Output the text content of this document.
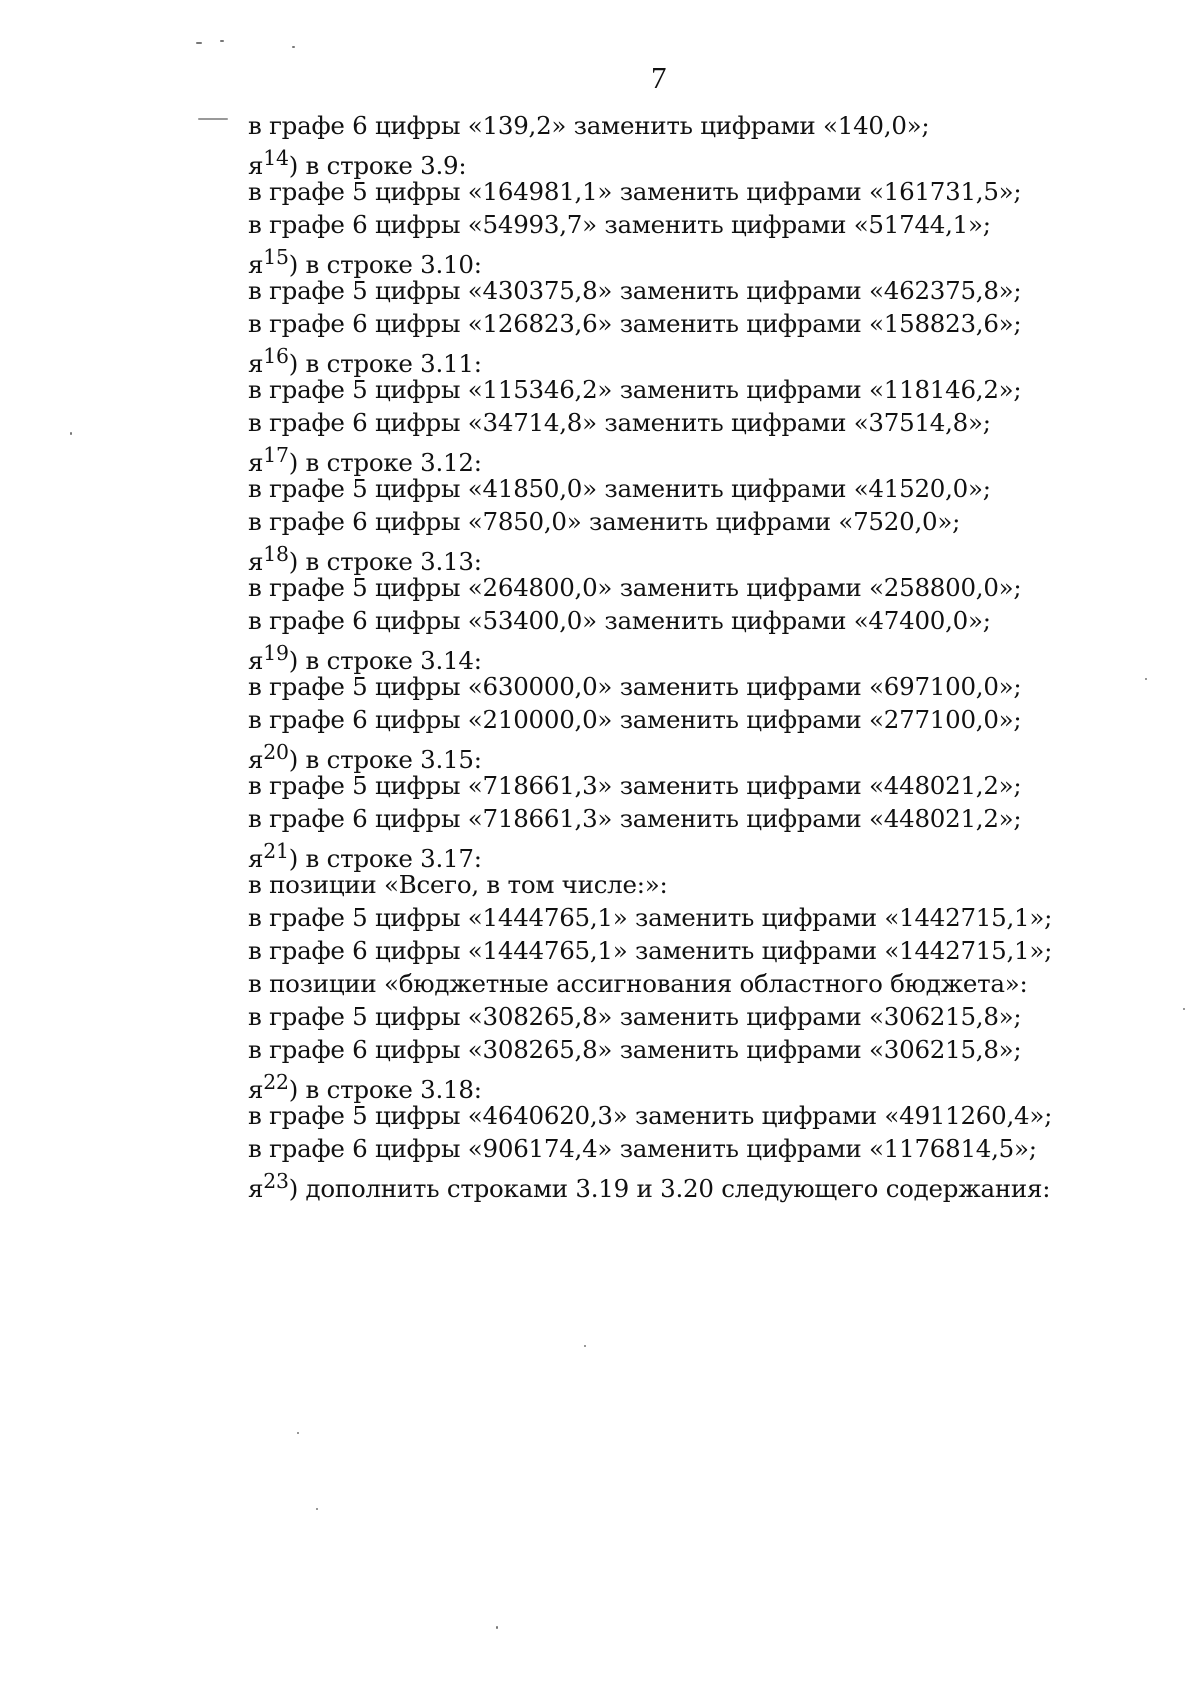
7
в графе 6 цифры «139,2» заменить цифрами «140,0»;
$я^{14}$) в строке 3.9:
в графе 5 цифры «164981,1» заменить цифрами «161731,5»;
в графе 6 цифры «54993,7» заменить цифрами «51744,1»;
$я^{15}$) в строке 3.10:
в графе 5 цифры «430375,8» заменить цифрами «462375,8»;
в графе 6 цифры «126823,6» заменить цифрами «158823,6»;
$я^{16}$) в строке 3.11:
в графе 5 цифры «115346,2» заменить цифрами «118146,2»;
в графе 6 цифры «34714,8» заменить цифрами «37514,8»;
$я^{17}$) в строке 3.12:
в графе 5 цифры «41850,0» заменить цифрами «41520,0»;
в графе 6 цифры «7850,0» заменить цифрами «7520,0»;
$я^{18}$) в строке 3.13:
в графе 5 цифры «264800,0» заменить цифрами «258800,0»;
в графе 6 цифры «53400,0» заменить цифрами «47400,0»;
$я^{19}$) в строке 3.14:
в графе 5 цифры «630000,0» заменить цифрами «697100,0»;
в графе 6 цифры «210000,0» заменить цифрами «277100,0»;
$я^{20}$) в строке 3.15:
в графе 5 цифры «718661,3» заменить цифрами «448021,2»;
в графе 6 цифры «718661,3» заменить цифрами «448021,2»;
$я^{21}$) в строке 3.17:
в позиции «Всего, в том числе:»:
в графе 5 цифры «1444765,1» заменить цифрами «1442715,1»;
в графе 6 цифры «1444765,1» заменить цифрами «1442715,1»;
в позиции «бюджетные ассигнования областного бюджета»:
в графе 5 цифры «308265,8» заменить цифрами «306215,8»;
в графе 6 цифры «308265,8» заменить цифрами «306215,8»;
$я^{22}$) в строке 3.18:
в графе 5 цифры «4640620,3» заменить цифрами «4911260,4»;
в графе 6 цифры «906174,4» заменить цифрами «1176814,5»;
$я^{23}$) дополнить строками 3.19 и 3.20 следующего содержания:
